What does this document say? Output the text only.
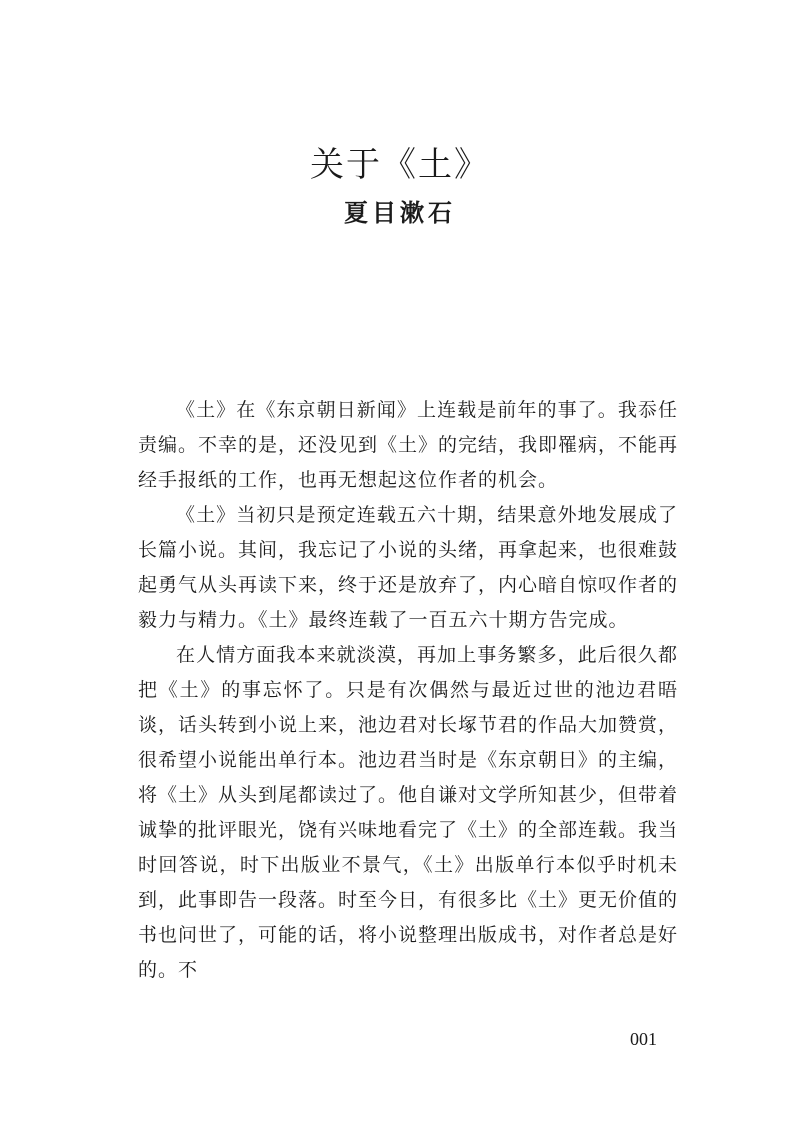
关于《土》
夏目漱石

《土》在《东京朝日新闻》上连载是前年的事了。我忝任责编。不幸的是，还没见到《土》的完结，我即罹病，不能再经手报纸的工作，也再无想起这位作者的机会。

《土》当初只是预定连载五六十期，结果意外地发展成了长篇小说。其间，我忘记了小说的头绪，再拿起来，也很难鼓起勇气从头再读下来，终于还是放弃了，内心暗自惊叹作者的毅力与精力。《土》最终连载了一百五六十期方告完成。

在人情方面我本来就淡漠，再加上事务繁多，此后很久都把《土》的事忘怀了。只是有次偶然与最近过世的池边君晤谈，话头转到小说上来，池边君对长塚节君的作品大加赞赏，很希望小说能出单行本。池边君当时是《东京朝日》的主编，将《土》从头到尾都读过了。他自谦对文学所知甚少，但带着诚挚的批评眼光，饶有兴味地看完了《土》的全部连载。我当时回答说，时下出版业不景气，《土》出版单行本似乎时机未到，此事即告一段落。时至今日，有很多比《土》更无价值的书也问世了，可能的话，将小说整理出版成书，对作者总是好的。不

001
